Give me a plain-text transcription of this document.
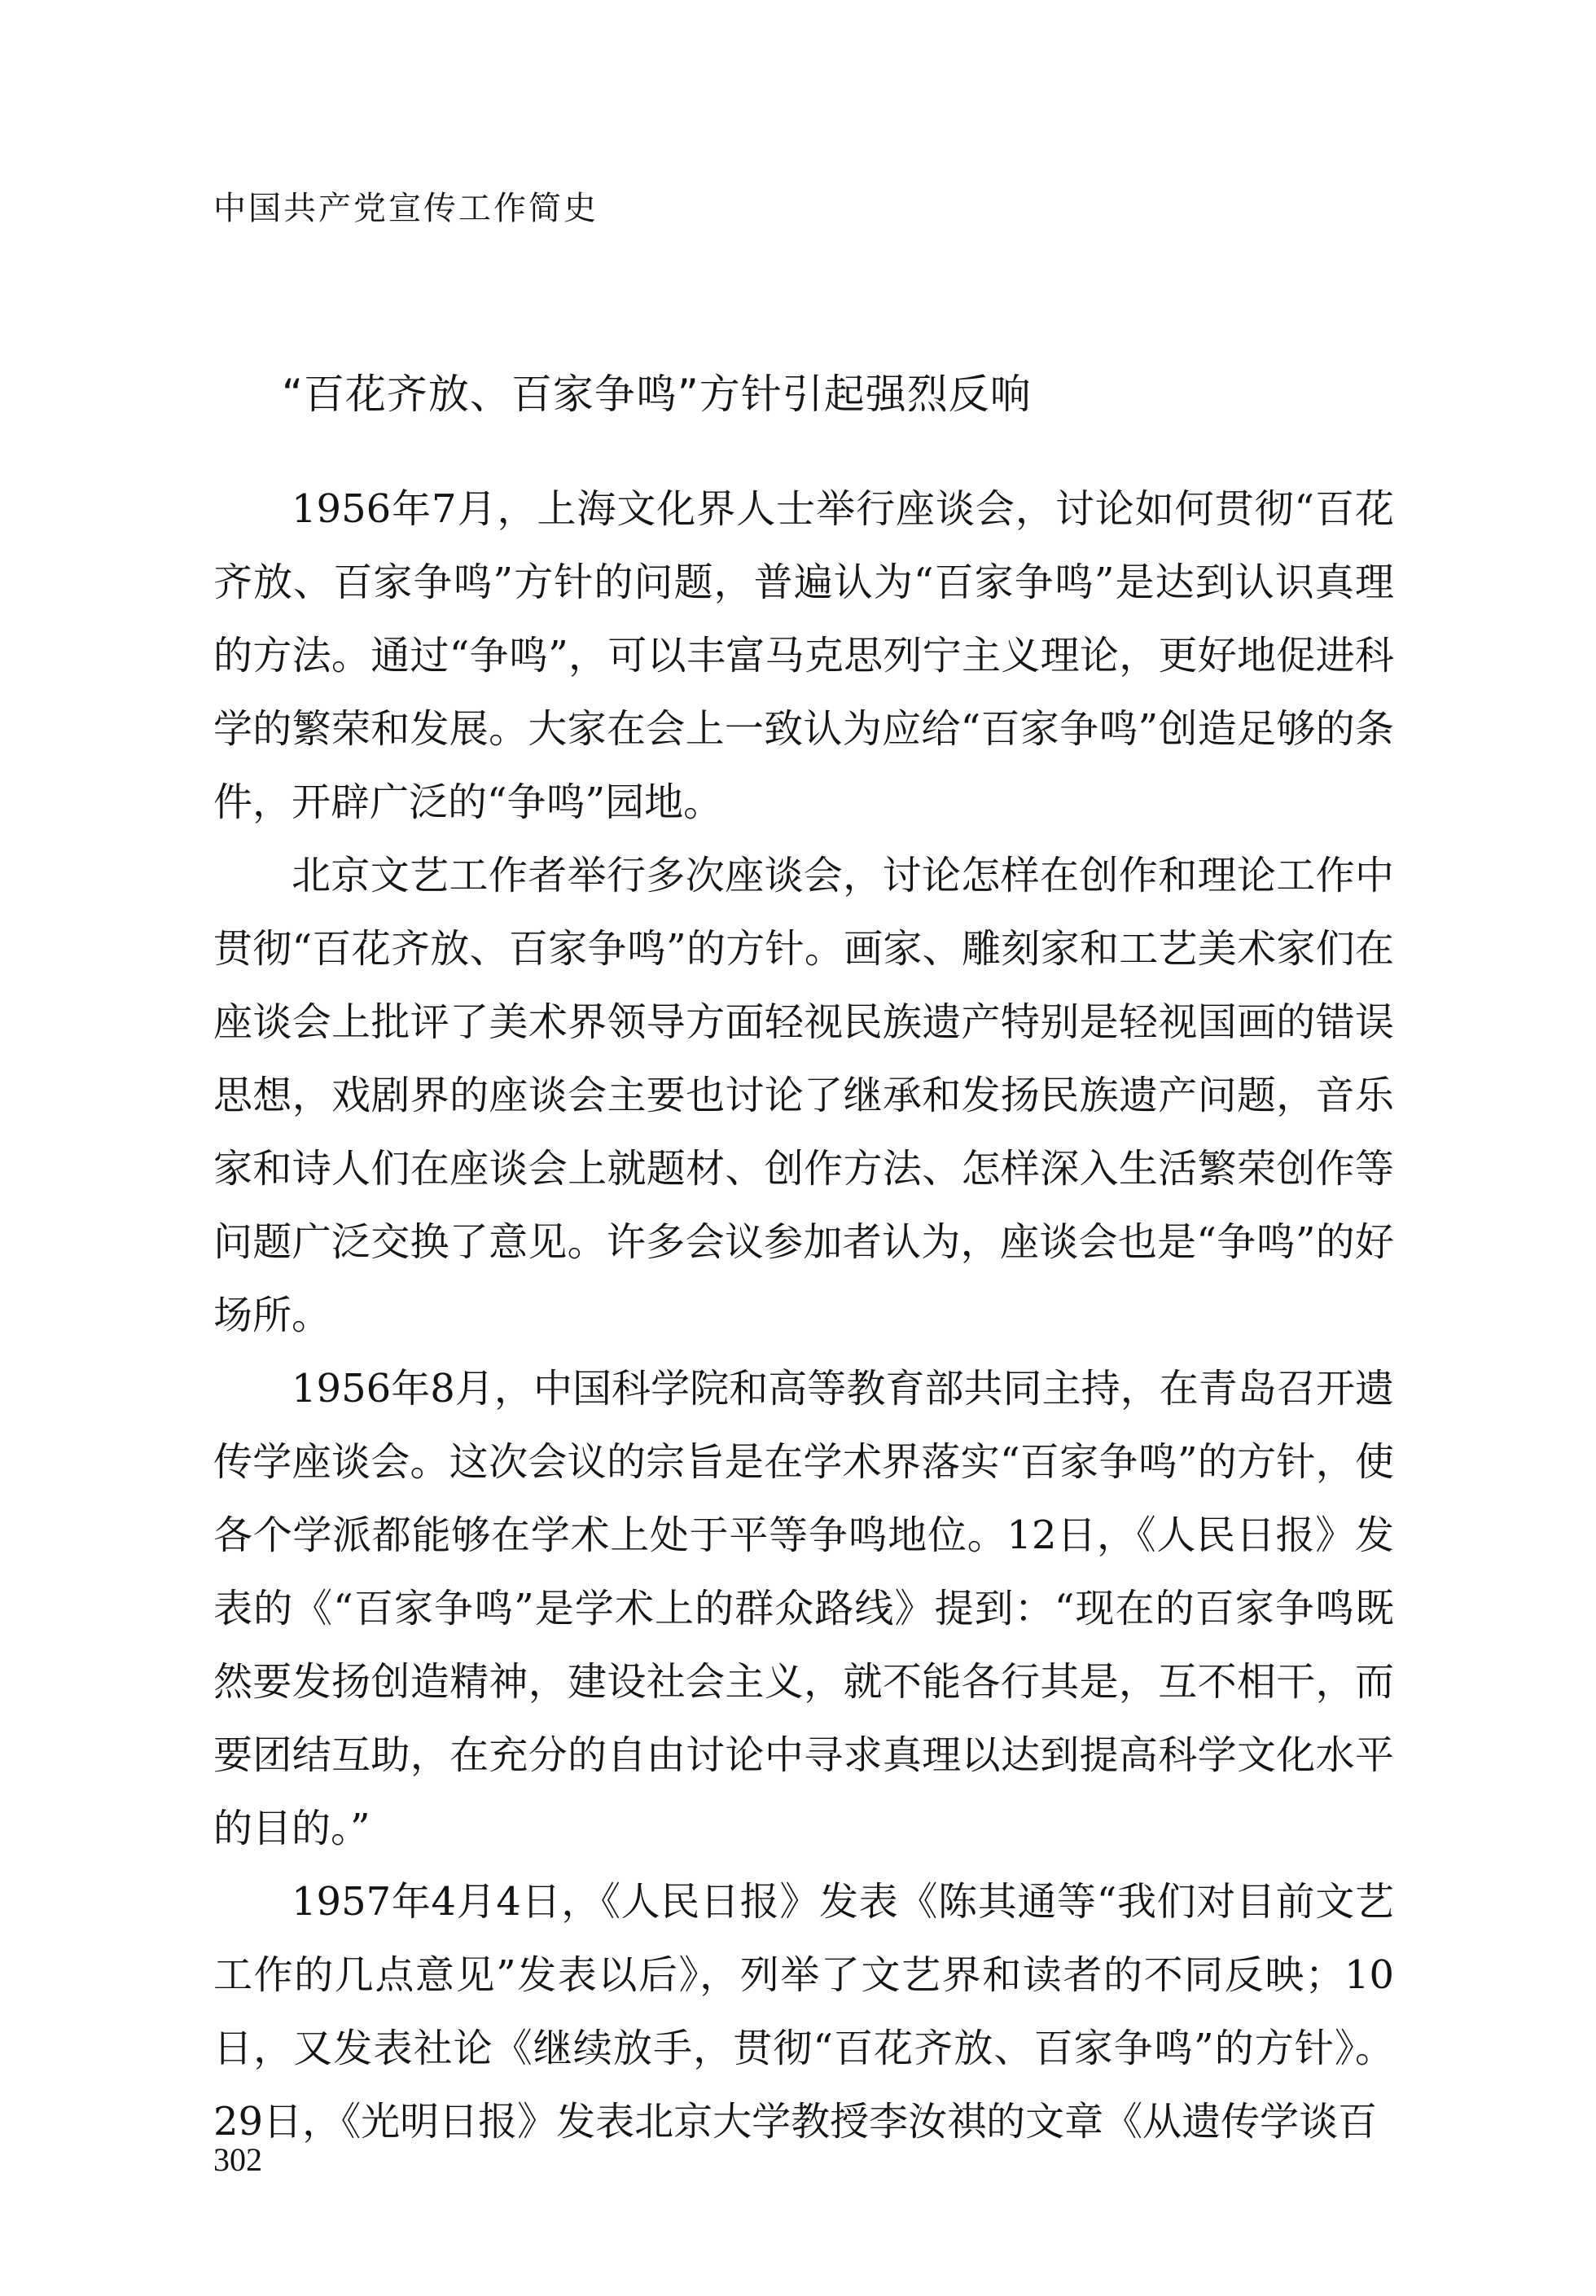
中国共产党宣传工作简史
“百花齐放、百家争鸣”方针引起强烈反响

1956年7月，上海文化界人士举行座谈会，讨论如何贯彻“百花齐放、百家争鸣”方针的问题，普遍认为“百家争鸣”是达到认识真理的方法。通过“争鸣”，可以丰富马克思列宁主义理论，更好地促进科学的繁荣和发展。大家在会上一致认为应给“百家争鸣”创造足够的条件，开辟广泛的“争鸣”园地。

北京文艺工作者举行多次座谈会，讨论怎样在创作和理论工作中贯彻“百花齐放、百家争鸣”的方针。画家、雕刻家和工艺美术家们在座谈会上批评了美术界领导方面轻视民族遗产特别是轻视国画的错误思想，戏剧界的座谈会主要也讨论了继承和发扬民族遗产问题，音乐家和诗人们在座谈会上就题材、创作方法、怎样深入生活繁荣创作等问题广泛交换了意见。许多会议参加者认为，座谈会也是“争鸣”的好场所。

1956年8月，中国科学院和高等教育部共同主持，在青岛召开遗传学座谈会。这次会议的宗旨是在学术界落实“百家争鸣”的方针，使各个学派都能够在学术上处于平等争鸣地位。12日，《人民日报》发表的《“百家争鸣”是学术上的群众路线》提到：“现在的百家争鸣既然要发扬创造精神，建设社会主义，就不能各行其是，互不相干，而要团结互助，在充分的自由讨论中寻求真理以达到提高科学文化水平的目的。”

1957年4月4日，《人民日报》发表《陈其通等“我们对目前文艺工作的几点意见”发表以后》，列举了文艺界和读者的不同反映；10日，又发表社论《继续放手，贯彻“百花齐放、百家争鸣”的方针》。29日，《光明日报》发表北京大学教授李汝祺的文章《从遗传学谈百

302
